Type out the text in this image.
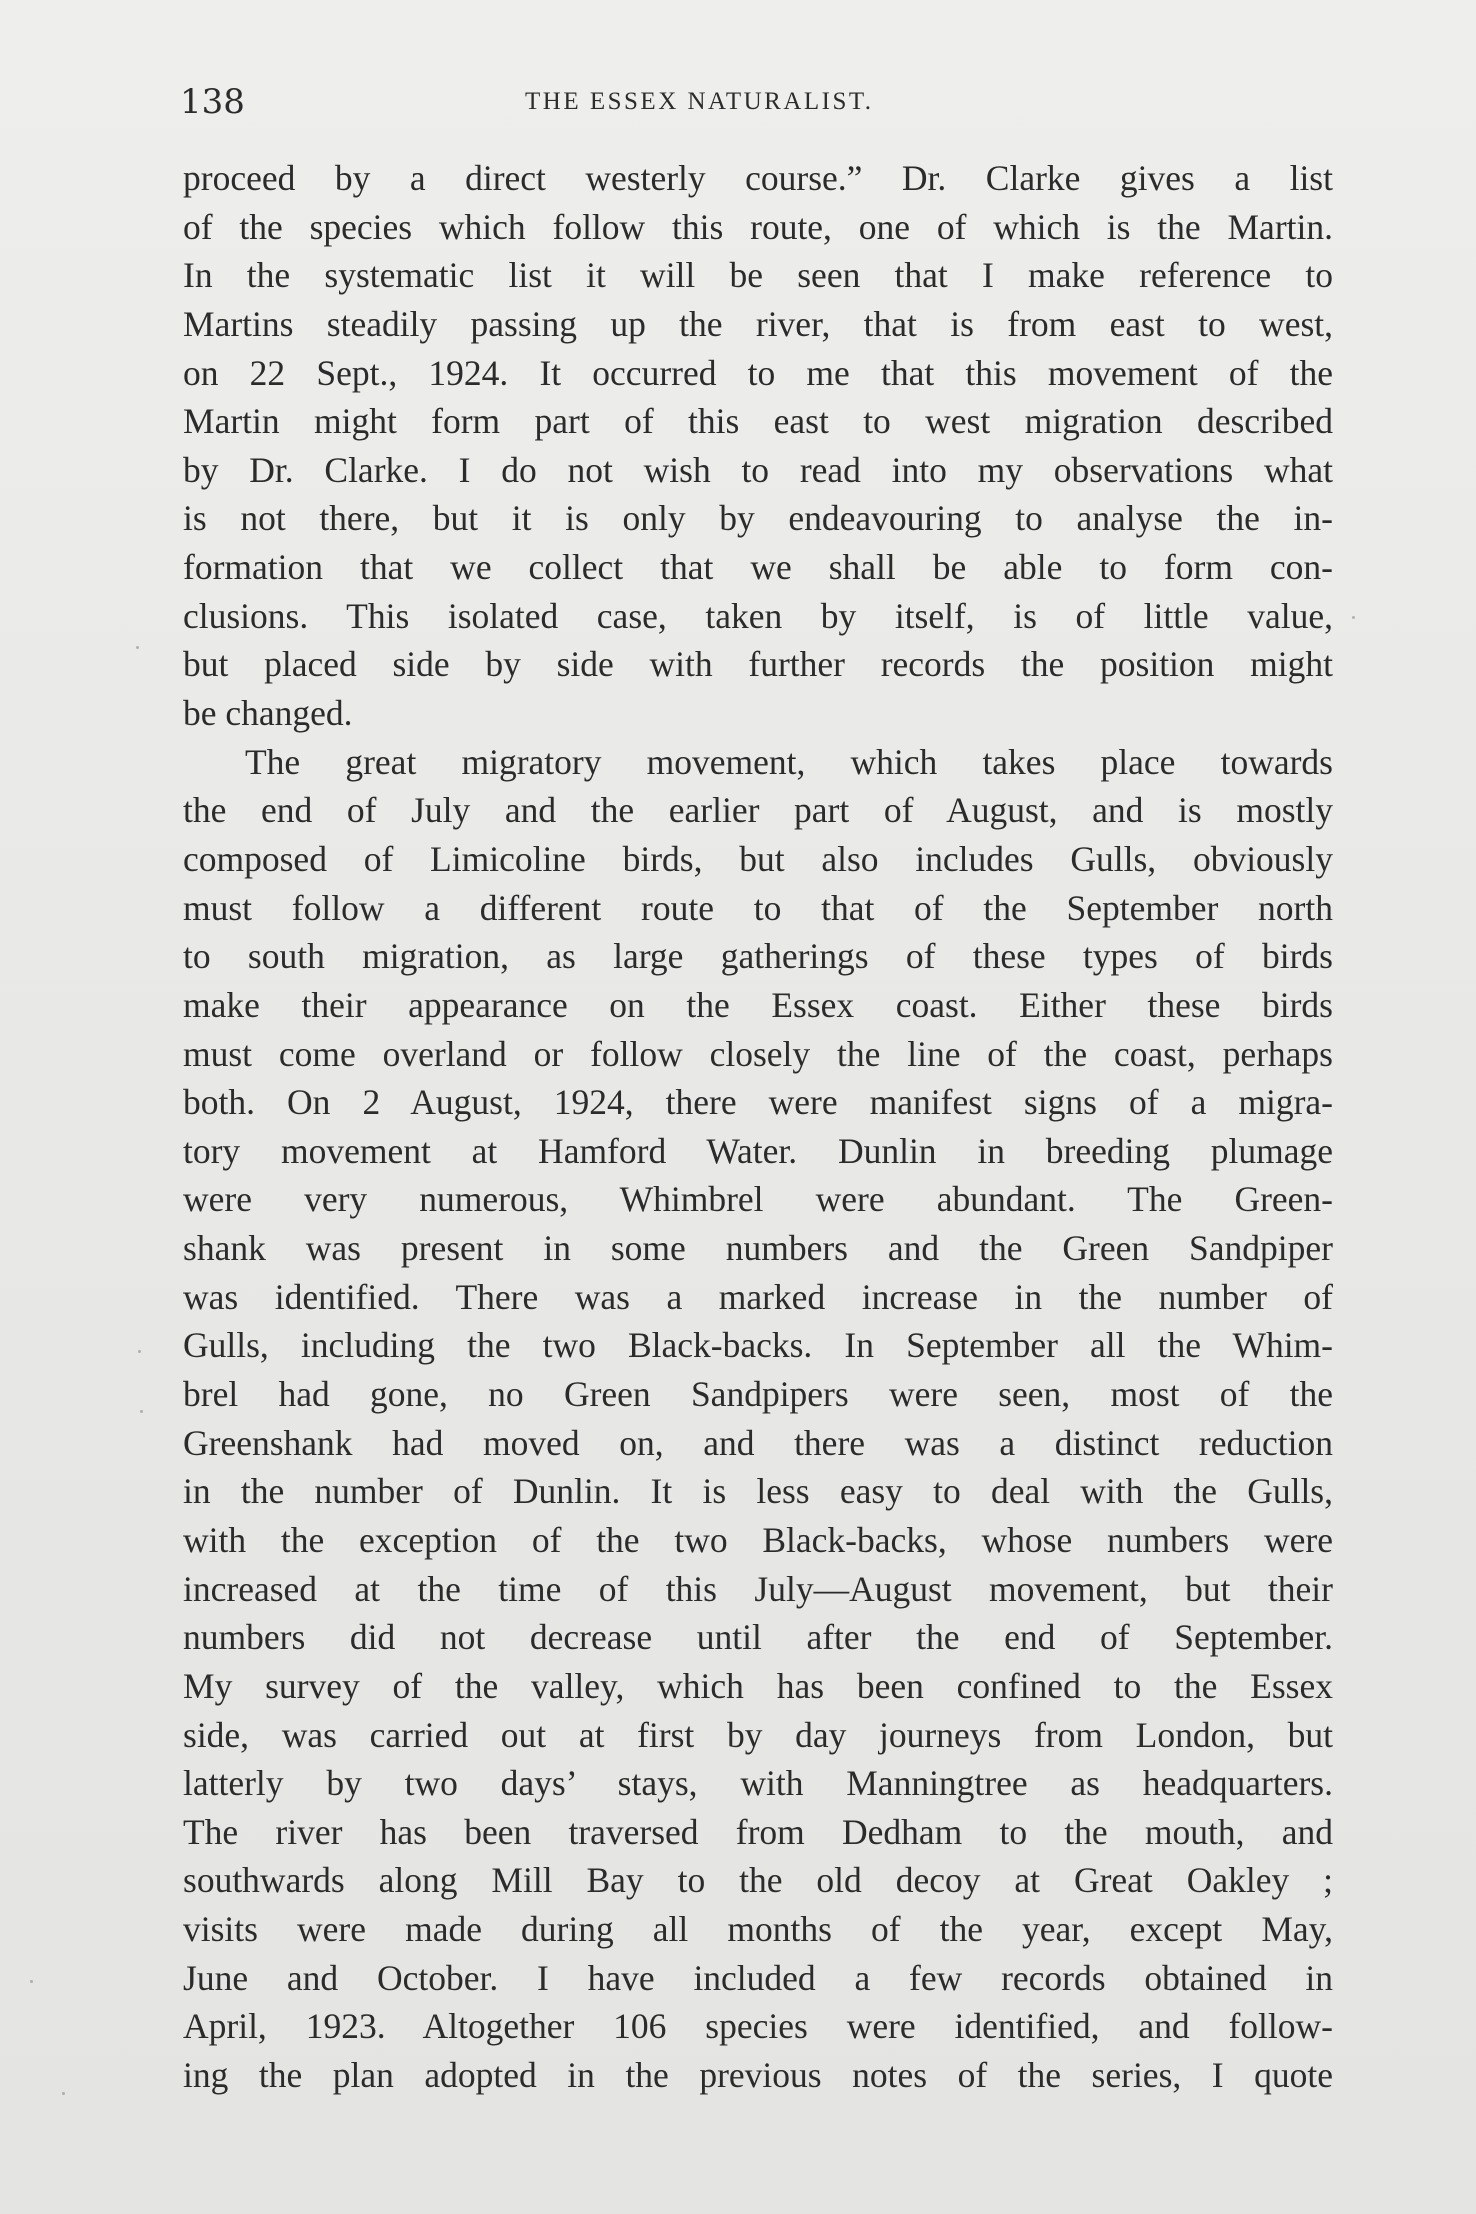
138	THE ESSEX NATURALIST.
proceed by a direct westerly course.” Dr. Clarke gives a list
of the species which follow this route, one of which is the Martin.
In the systematic list it will be seen that I make reference to
Martins steadily passing up the river, that is from east to west,
on 22 Sept., 1924. It occurred to me that this movement of the
Martin might form part of this east to west migration described
by Dr. Clarke. I do not wish to read into my observations what
is not there, but it is only by endeavouring to analyse the in-
formation that we collect that we shall be able to form con-
clusions. This isolated case, taken by itself, is of little value,
but placed side by side with further records the position might
be changed.
The great migratory movement, which takes place towards
the end of July and the earlier part of August, and is mostly
composed of Limicoline birds, but also includes Gulls, obviously
must follow a different route to that of the September north
to south migration, as large gatherings of these types of birds
make their appearance on the Essex coast. Either these birds
must come overland or follow closely the line of the coast, perhaps
both. On 2 August, 1924, there were manifest signs of a migra-
tory movement at Hamford Water. Dunlin in breeding plumage
were very numerous, Whimbrel were abundant. The Green-
shank was present in some numbers and the Green Sandpiper
was identified. There was a marked increase in the number of
Gulls, including the two Black-backs. In September all the Whim-
brel had gone, no Green Sandpipers were seen, most of the
Greenshank had moved on, and there was a distinct reduction
in the number of Dunlin. It is less easy to deal with the Gulls,
with the exception of the two Black-backs, whose numbers were
increased at the time of this July—August movement, but their
numbers did not decrease until after the end of September.
My survey of the valley, which has been confined to the Essex
side, was carried out at first by day journeys from London, but
latterly by two days’ stays, with Manningtree as headquarters.
The river has been traversed from Dedham to the mouth, and
southwards along Mill Bay to the old decoy at Great Oakley ;
visits were made during all months of the year, except May,
June and October. I have included a few records obtained in
April, 1923. Altogether 106 species were identified, and follow-
ing the plan adopted in the previous notes of the series, I quote
